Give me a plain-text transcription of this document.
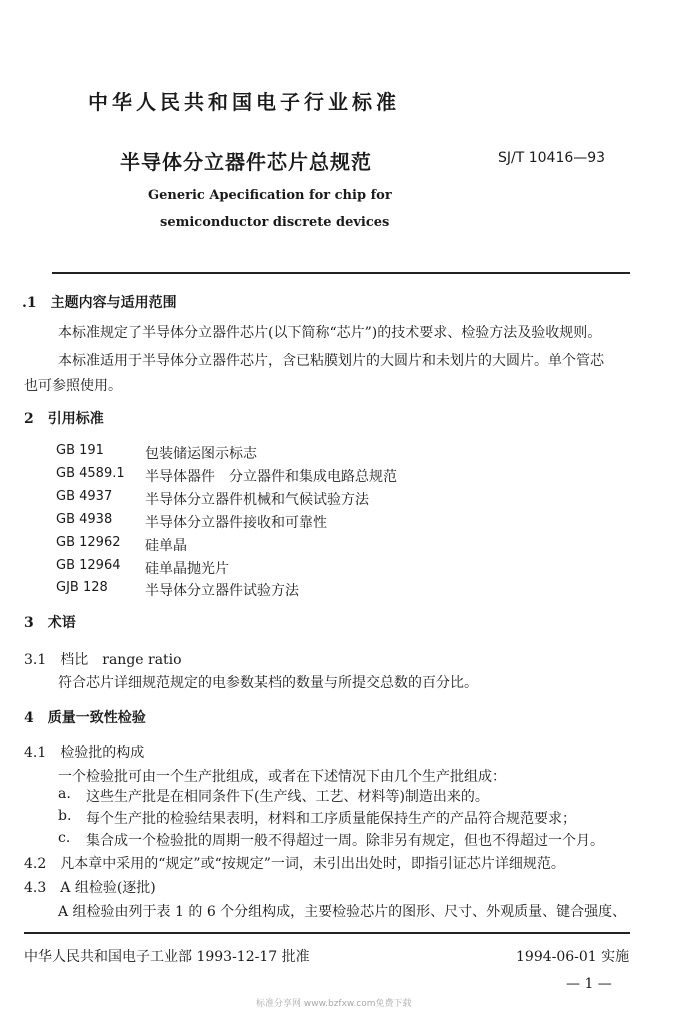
中华人民共和国电子行业标准
半导体分立器件芯片总规范	SJ/T 10416—93
Generic Apecification for chip for
semiconductor discrete devices
.1　主题内容与适用范围
本标准规定了半导体分立器件芯片(以下简称“芯片”)的技术要求、检验方法及验收规则。
本标准适用于半导体分立器件芯片，含已粘膜划片的大圆片和未划片的大圆片。单个管芯
也可参照使用。
2　引用标准
GB 191	包装储运图示标志
GB 4589.1 半导体器件　分立器件和集成电路总规范
GB 4937 半导体分立器件机械和气候试验方法
GB 4938 半导体分立器件接收和可靠性
GB 12962 硅单晶
GB 12964 硅单晶抛光片
GJB 128	半导体分立器件试验方法
3　术语
3.1　档比　range ratio
符合芯片详细规范规定的电参数某档的数量与所提交总数的百分比。
4　质量一致性检验
4.1　检验批的构成
一个检验批可由一个生产批组成，或者在下述情况下由几个生产批组成：
a. 这些生产批是在相同条件下(生产线、工艺、材料等)制造出来的。
b. 每个生产批的检验结果表明，材料和工序质量能保持生产的产品符合规范要求；
c. 集合成一个检验批的周期一般不得超过一周。除非另有规定，但也不得超过一个月。
4.2　凡本章中采用的“规定”或“按规定”一词，未引出出处时，即指引证芯片详细规范。
4.3　A 组检验(逐批)
A 组检验由列于表 1 的 6 个分组构成，主要检验芯片的图形、尺寸、外观质量、键合强度、
中华人民共和国电子工业部 1993-12-17 批准	1994-06-01 实施
— 1 —
标准分享网 www.bzfxw.com免费下载
